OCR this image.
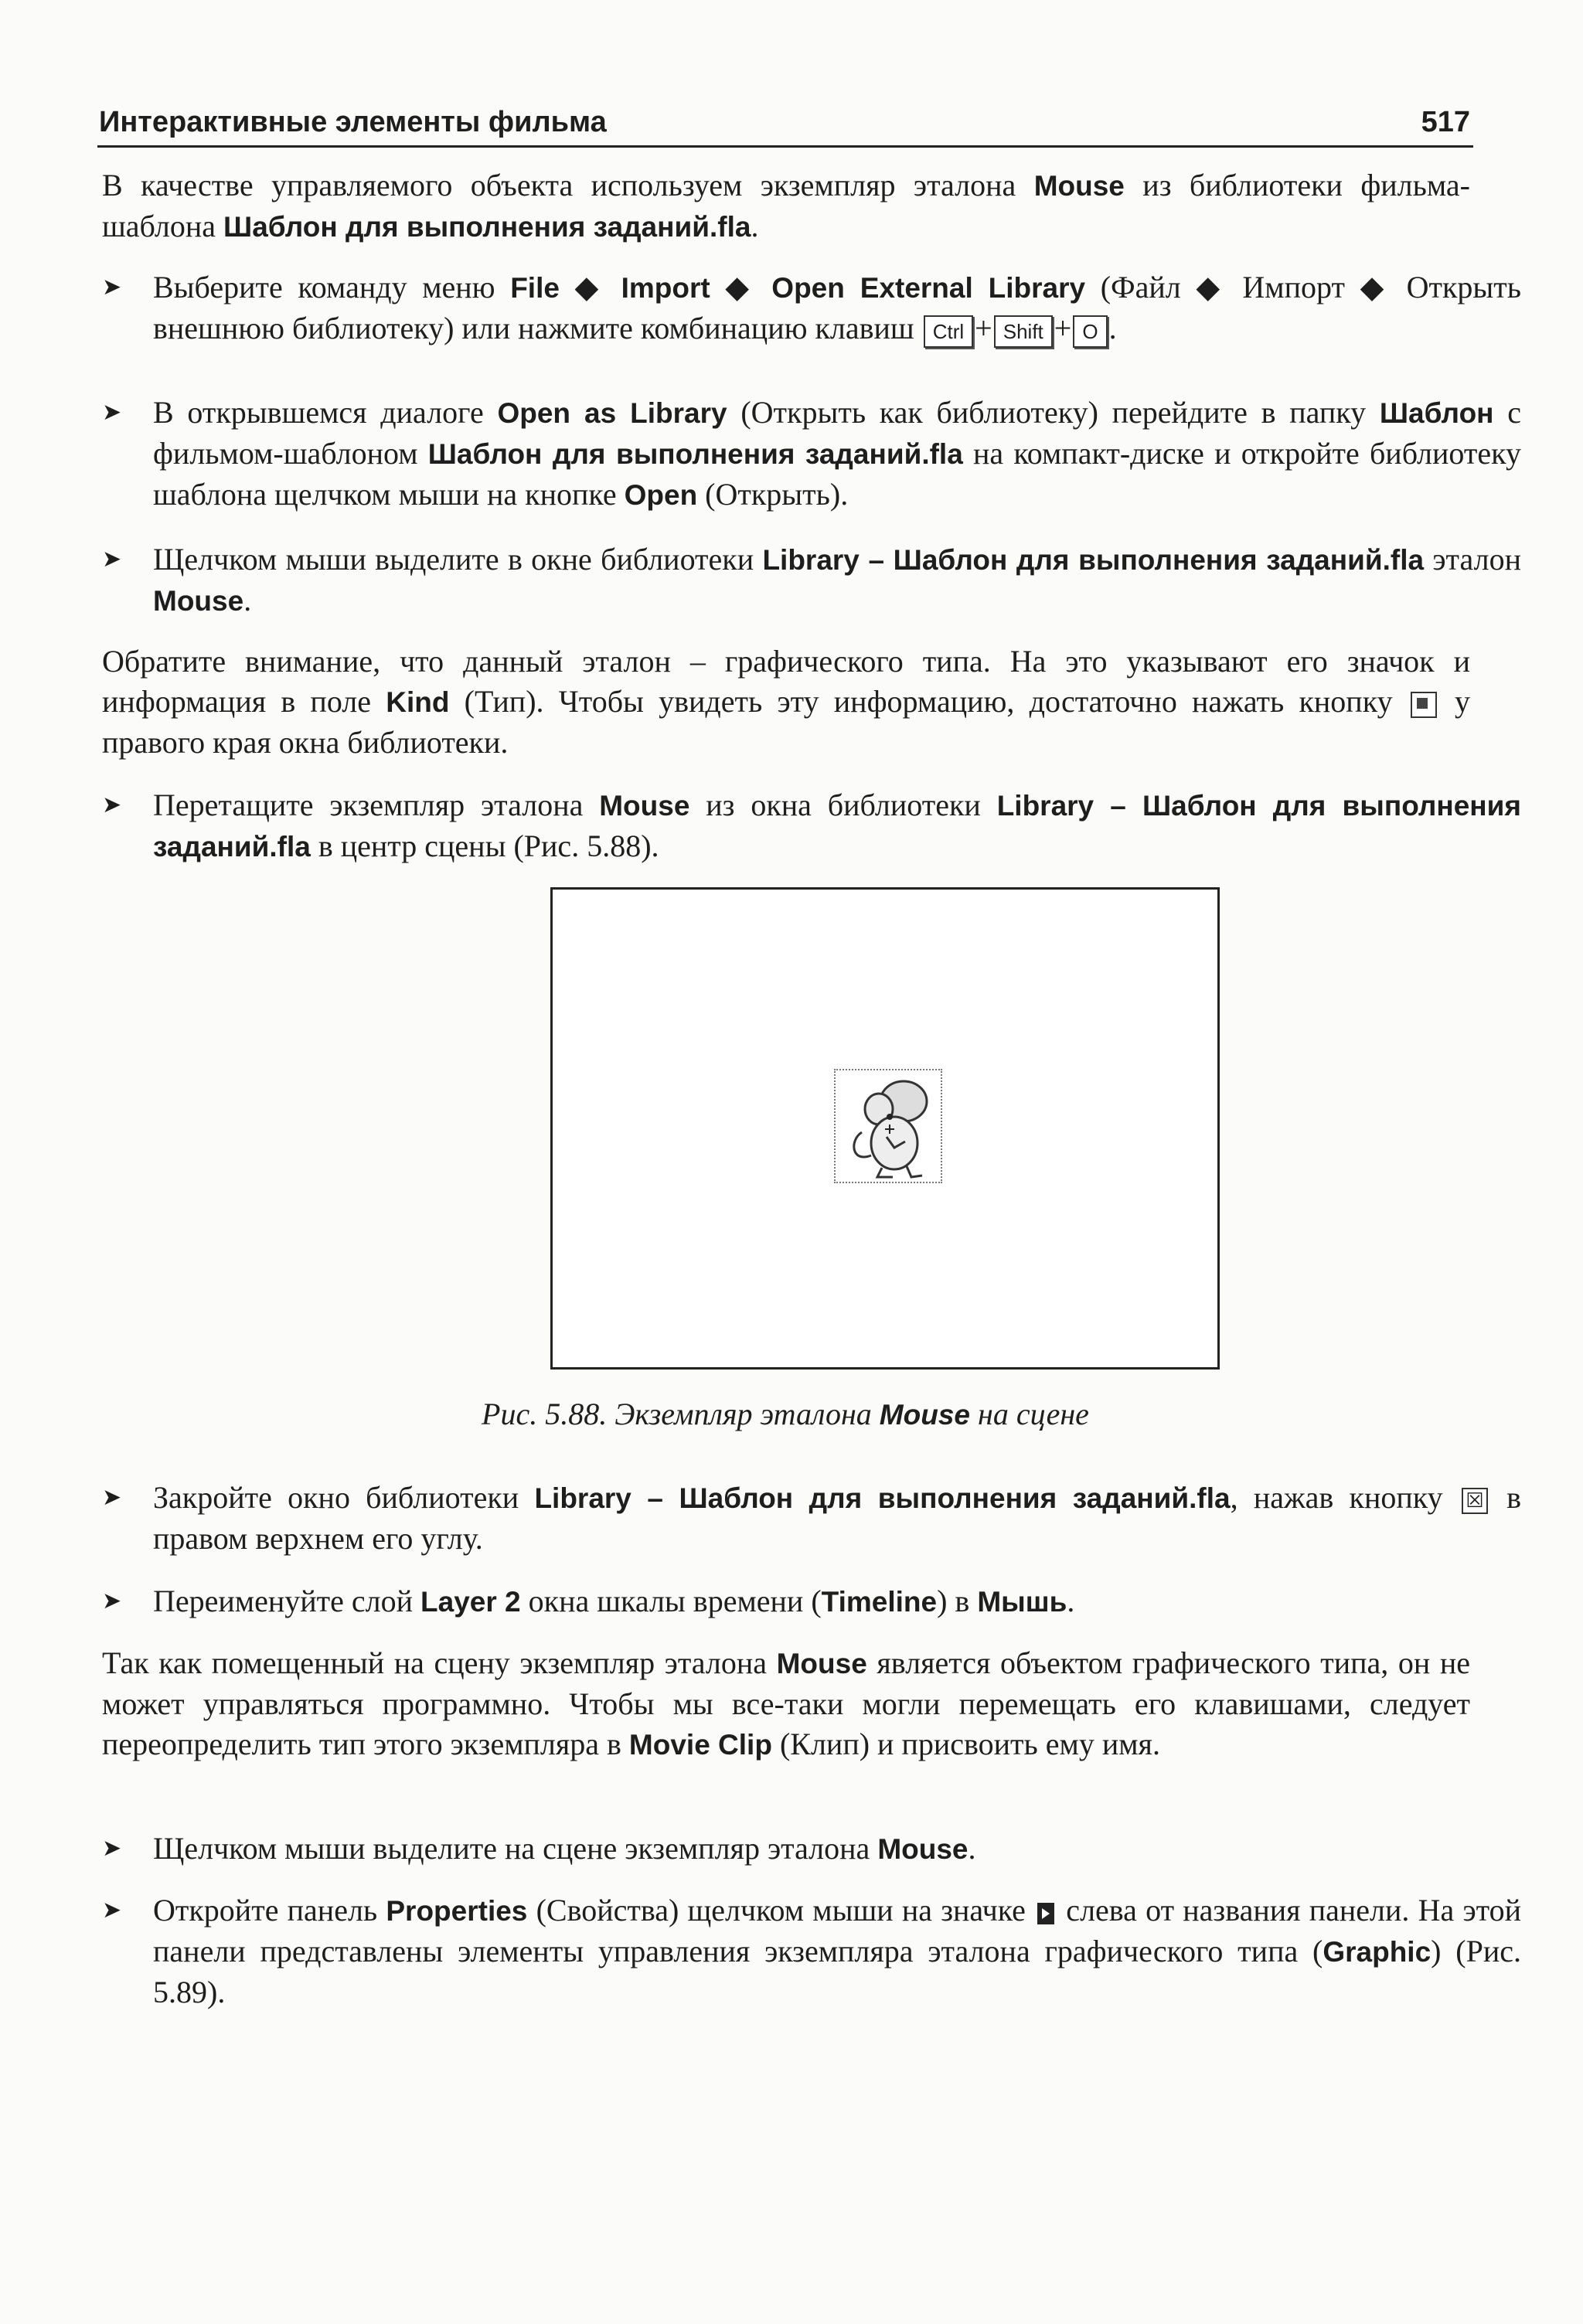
Интерактивные элементы фильма	517
В качестве управляемого объекта используем экземпляр эталона Mouse из библиотеки фильма-шаблона Шаблон для выполнения заданий.fla.
➤ Выберите команду меню File ◆ Import ◆ Open External Library (Файл ◆ Импорт ◆ Открыть внешнюю библиотеку) или нажмите комбинацию клавиш Ctrl + Shift + O .
➤ В открывшемся диалоге Open as Library (Открыть как библиотеку) перейдите в папку Шаблон с фильмом-шаблоном Шаблон для выполнения заданий.fla на компакт-диске и откройте библиотеку шаблона щелчком мыши на кнопке Open (Открыть).
➤ Щелчком мыши выделите в окне библиотеки Library – Шаблон для выполнения заданий.fla эталон Mouse.
Обратите внимание, что данный эталон – графического типа. На это указывают его значок и информация в поле Kind (Тип). Чтобы увидеть эту информацию, достаточно нажать кнопку  у правого края окна библиотеки.
➤ Перетащите экземпляр эталона Mouse из окна библиотеки Library – Шаблон для выполнения заданий.fla в центр сцены (Рис. 5.88).
Рис. 5.88. Экземпляр эталона Mouse на сцене
➤ Закройте окно библиотеки Library – Шаблон для выполнения заданий.fla, нажав кнопку ☒ в правом верхнем его углу.
➤ Переименуйте слой Layer 2 окна шкалы времени (Timeline) в Мышь.
Так как помещенный на сцену экземпляр эталона Mouse является объектом графического типа, он не может управляться программно. Чтобы мы все-таки могли перемещать его клавишами, следует переопределить тип этого экземпляра в Movie Clip (Клип) и присвоить ему имя.
➤ Щелчком мыши выделите на сцене экземпляр эталона Mouse.
➤ Откройте панель Properties (Свойства) щелчком мыши на значке  слева от названия панели. На этой панели представлены элементы управления экземпляра эталона графического типа (Graphic) (Рис. 5.89).
